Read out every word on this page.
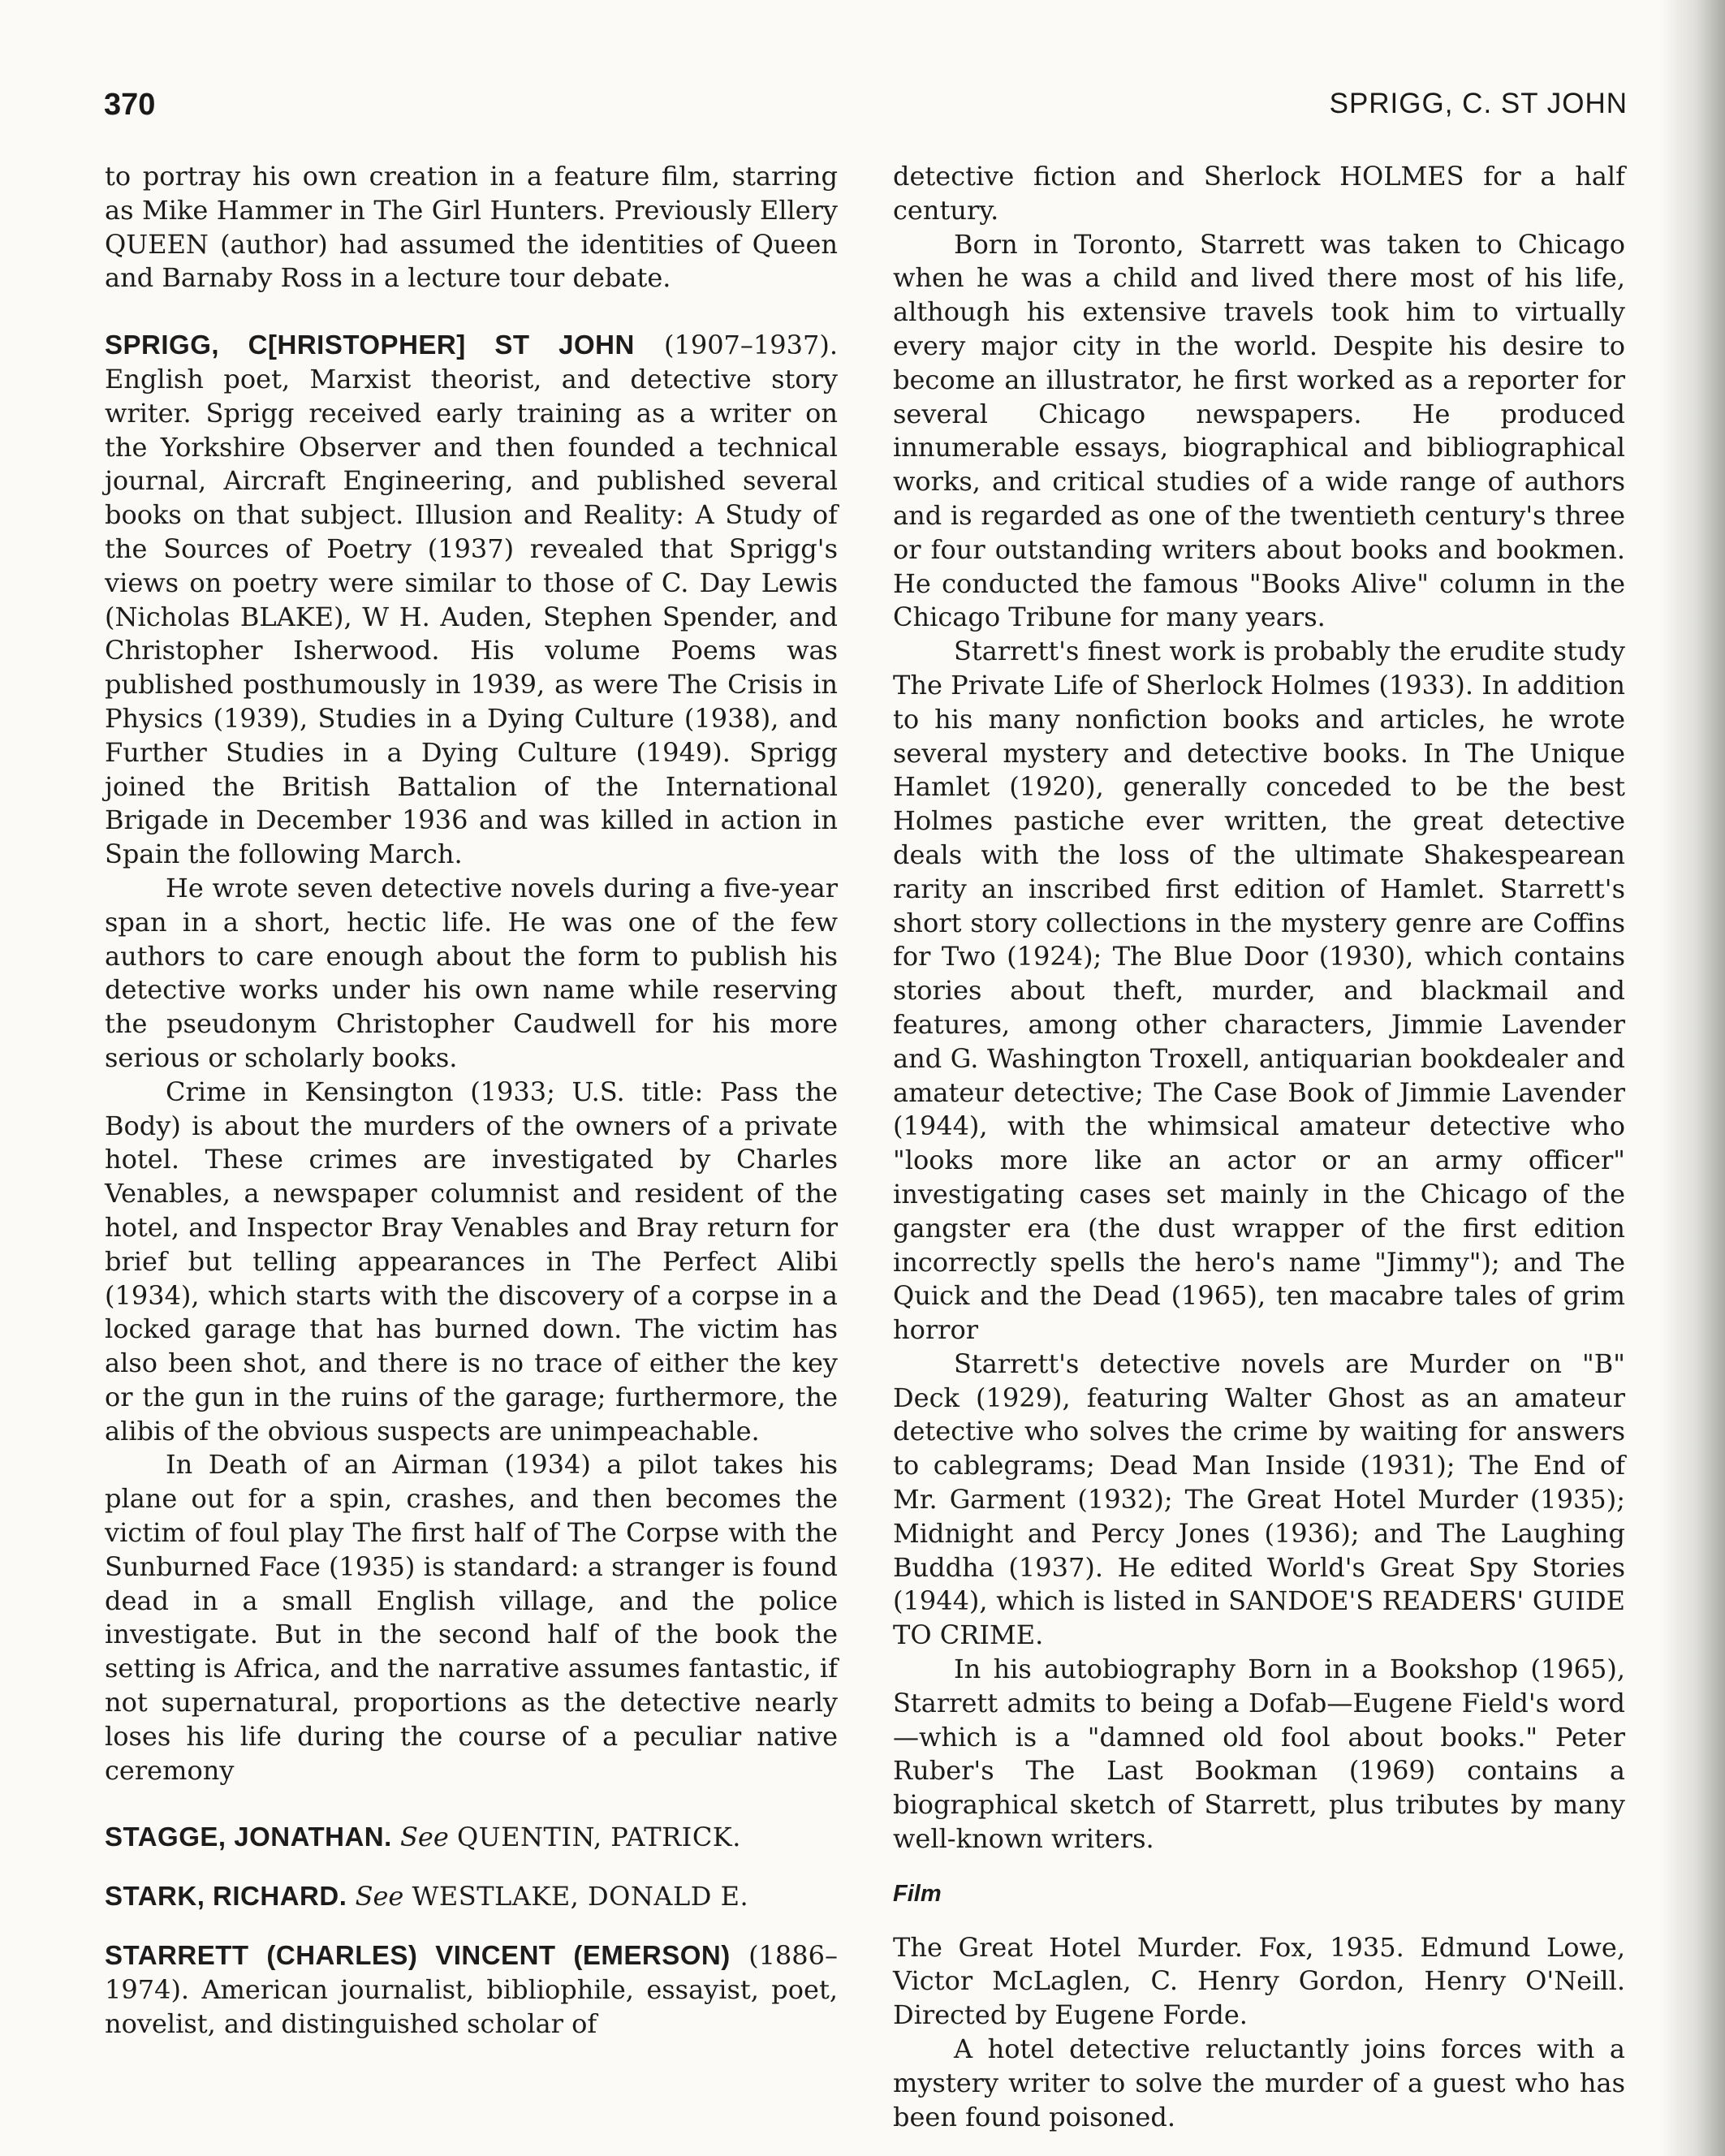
370	SPRIGG, C. ST JOHN

to portray his own creation in a feature film, starring as Mike Hammer in The Girl Hunters. Previously Ellery QUEEN (author) had assumed the identities of Queen and Barnaby Ross in a lecture tour debate.

SPRIGG, C[HRISTOPHER] ST JOHN (1907–1937). English poet, Marxist theorist, and detective story writer. Sprigg received early training as a writer on the Yorkshire Observer and then founded a technical journal, Aircraft Engineering, and published several books on that subject. Illusion and Reality: A Study of the Sources of Poetry (1937) revealed that Sprigg's views on poetry were similar to those of C. Day Lewis (Nicholas BLAKE), W H. Auden, Stephen Spender, and Christopher Isherwood. His volume Poems was published posthumously in 1939, as were The Crisis in Physics (1939), Studies in a Dying Culture (1938), and Further Studies in a Dying Culture (1949). Sprigg joined the British Battalion of the International Brigade in December 1936 and was killed in action in Spain the following March.

He wrote seven detective novels during a five-year span in a short, hectic life. He was one of the few authors to care enough about the form to publish his detective works under his own name while reserving the pseudonym Christopher Caudwell for his more serious or scholarly books.

Crime in Kensington (1933; U.S. title: Pass the Body) is about the murders of the owners of a private hotel. These crimes are investigated by Charles Venables, a newspaper columnist and resident of the hotel, and Inspector Bray Venables and Bray return for brief but telling appearances in The Perfect Alibi (1934), which starts with the discovery of a corpse in a locked garage that has burned down. The victim has also been shot, and there is no trace of either the key or the gun in the ruins of the garage; furthermore, the alibis of the obvious suspects are unimpeachable.

In Death of an Airman (1934) a pilot takes his plane out for a spin, crashes, and then becomes the victim of foul play The first half of The Corpse with the Sunburned Face (1935) is standard: a stranger is found dead in a small English village, and the police investigate. But in the second half of the book the setting is Africa, and the narrative assumes fantastic, if not supernatural, proportions as the detective nearly loses his life during the course of a peculiar native ceremony

STAGGE, JONATHAN. See QUENTIN, PATRICK.

STARK, RICHARD. See WESTLAKE, DONALD E.

STARRETT (CHARLES) VINCENT (EMERSON) (1886–1974). American journalist, bibliophile, essayist, poet, novelist, and distinguished scholar of

detective fiction and Sherlock HOLMES for a half century.

Born in Toronto, Starrett was taken to Chicago when he was a child and lived there most of his life, although his extensive travels took him to virtually every major city in the world. Despite his desire to become an illustrator, he first worked as a reporter for several Chicago newspapers. He produced innumerable essays, biographical and bibliographical works, and critical studies of a wide range of authors and is regarded as one of the twentieth century's three or four outstanding writers about books and bookmen. He conducted the famous "Books Alive" column in the Chicago Tribune for many years.

Starrett's finest work is probably the erudite study The Private Life of Sherlock Holmes (1933). In addition to his many nonfiction books and articles, he wrote several mystery and detective books. In The Unique Hamlet (1920), generally conceded to be the best Holmes pastiche ever written, the great detective deals with the loss of the ultimate Shakespearean rarity an inscribed first edition of Hamlet. Starrett's short story collections in the mystery genre are Coffins for Two (1924); The Blue Door (1930), which contains stories about theft, murder, and blackmail and features, among other characters, Jimmie Lavender and G. Washington Troxell, antiquarian bookdealer and amateur detective; The Case Book of Jimmie Lavender (1944), with the whimsical amateur detective who "looks more like an actor or an army officer" investigating cases set mainly in the Chicago of the gangster era (the dust wrapper of the first edition incorrectly spells the hero's name "Jimmy"); and The Quick and the Dead (1965), ten macabre tales of grim horror

Starrett's detective novels are Murder on "B" Deck (1929), featuring Walter Ghost as an amateur detective who solves the crime by waiting for answers to cablegrams; Dead Man Inside (1931); The End of Mr. Garment (1932); The Great Hotel Murder (1935); Midnight and Percy Jones (1936); and The Laughing Buddha (1937). He edited World's Great Spy Stories (1944), which is listed in SANDOE'S READERS' GUIDE TO CRIME.

In his autobiography Born in a Bookshop (1965), Starrett admits to being a Dofab—Eugene Field's word—which is a "damned old fool about books." Peter Ruber's The Last Bookman (1969) contains a biographical sketch of Starrett, plus tributes by many well-known writers.

Film

The Great Hotel Murder. Fox, 1935. Edmund Lowe, Victor McLaglen, C. Henry Gordon, Henry O'Neill. Directed by Eugene Forde.

A hotel detective reluctantly joins forces with a mystery writer to solve the murder of a guest who has been found poisoned.
